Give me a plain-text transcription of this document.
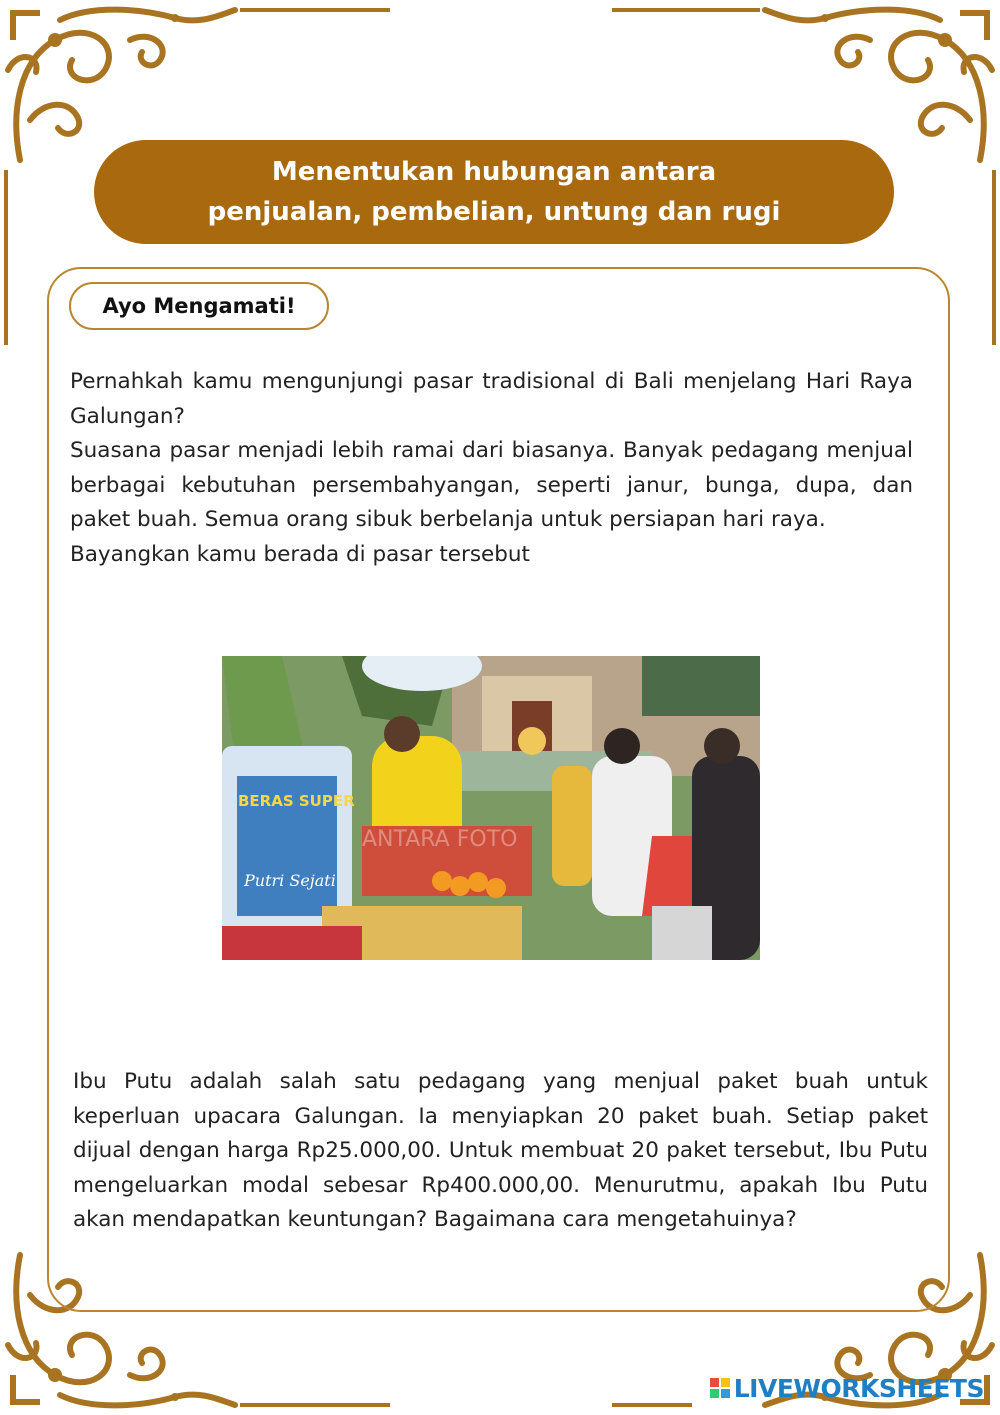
Menentukan hubungan antara
penjualan, pembelian, untung dan rugi
Ayo Mengamati!

Pernahkah kamu mengunjungi pasar tradisional di Bali menjelang Hari Raya Galungan?

Suasana pasar menjadi lebih ramai dari biasanya. Banyak pedagang menjual berbagai kebutuhan persembahyangan, seperti janur, bunga, dupa, dan paket buah. Semua orang sibuk berbelanja untuk persiapan hari raya.

Bayangkan kamu berada di pasar tersebut

BERAS SUPER
Putri Sejati
ANTARA FOTO
Ibu Putu adalah salah satu pedagang yang menjual paket buah untuk keperluan upacara Galungan. Ia menyiapkan 20 paket buah. Setiap paket dijual dengan harga Rp25.000,00. Untuk membuat 20 paket tersebut, Ibu Putu mengeluarkan modal sebesar Rp400.000,00. Menurutmu, apakah Ibu Putu akan mendapatkan keuntungan? Bagaimana cara mengetahuinya?
LIVEWORKSHEETS
